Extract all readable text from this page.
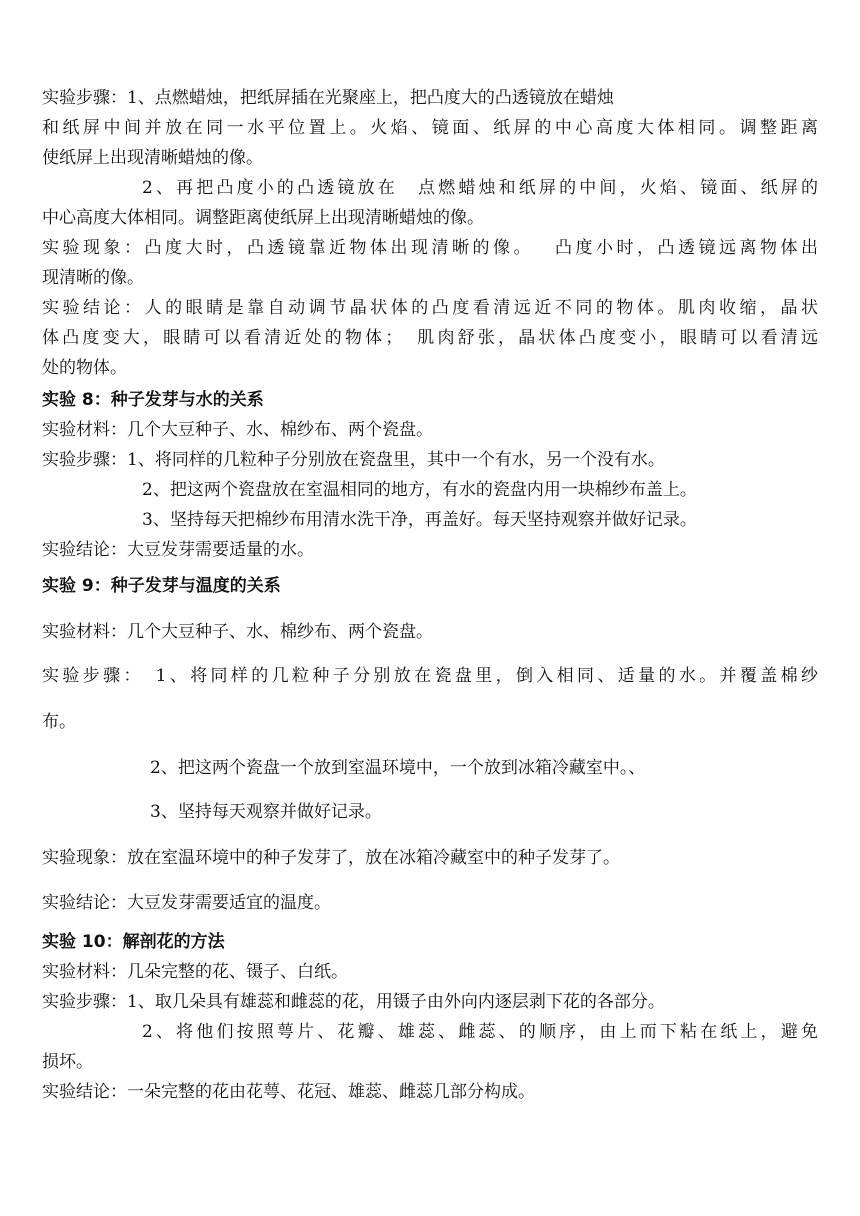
实验步骤：1、点燃蜡烛，把纸屏插在光聚座上，把凸度大的凸透镜放在蜡烛
和纸屏中间并放在同一水平位置上。火焰、镜面、纸屏的中心高度大体相同。调整距离
使纸屏上出现清晰蜡烛的像。
2、再把凸度小的凸透镜放在　点燃蜡烛和纸屏的中间，火焰、镜面、纸屏的
中心高度大体相同。调整距离使纸屏上出现清晰蜡烛的像。
实验现象：凸度大时，凸透镜靠近物体出现清晰的像。　 凸度小时，凸透镜远离物体出
现清晰的像。
实验结论：人的眼睛是靠自动调节晶状体的凸度看清远近不同的物体。肌肉收缩，晶状
体凸度变大，眼睛可以看清近处的物体；　肌肉舒张，晶状体凸度变小，眼睛可以看清远
处的物体。
实验 8：种子发芽与水的关系
实验材料：几个大豆种子、水、棉纱布、两个瓷盘。
实验步骤：1、将同样的几粒种子分别放在瓷盘里，其中一个有水，另一个没有水。
2、把这两个瓷盘放在室温相同的地方，有水的瓷盘内用一块棉纱布盖上。
3、坚持每天把棉纱布用清水洗干净，再盖好。每天坚持观察并做好记录。
实验结论：大豆发芽需要适量的水。
实验 9：种子发芽与温度的关系
实验材料：几个大豆种子、水、棉纱布、两个瓷盘。
实验步骤：　1、将同样的几粒种子分别放在瓷盘里，倒入相同、适量的水。并覆盖棉纱
布。
2、把这两个瓷盘一个放到室温环境中，一个放到冰箱冷藏室中。、
3、坚持每天观察并做好记录。
实验现象：放在室温环境中的种子发芽了，放在冰箱冷藏室中的种子发芽了。
实验结论：大豆发芽需要适宜的温度。
实验 10：解剖花的方法
实验材料：几朵完整的花、镊子、白纸。
实验步骤：1、取几朵具有雄蕊和雌蕊的花，用镊子由外向内逐层剥下花的各部分。
2、将他们按照萼片、花瓣、雄蕊、雌蕊、的顺序，由上而下粘在纸上，避免
损坏。
实验结论：一朵完整的花由花萼、花冠、雄蕊、雌蕊几部分构成。
